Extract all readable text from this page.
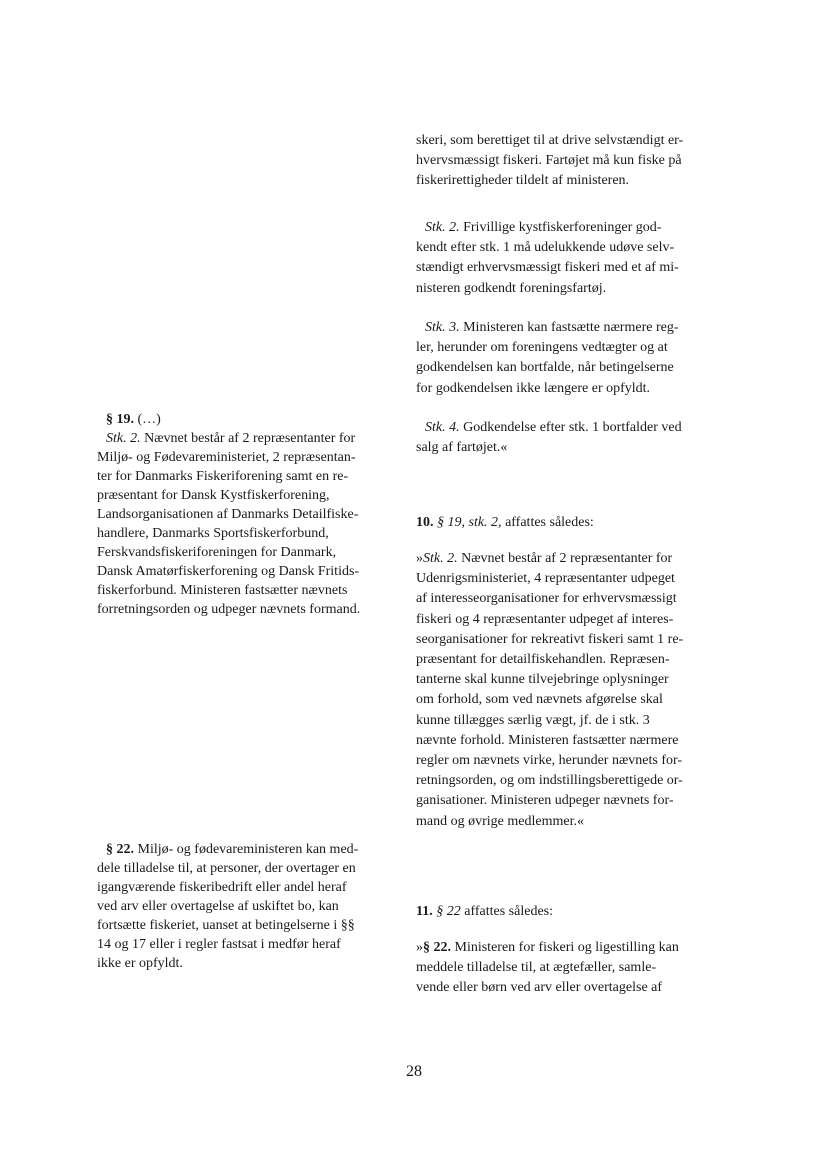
§ 19. (…)
Stk. 2. Nævnet består af 2 repræsentanter for
Miljø- og Fødevareministeriet, 2 repræsentan-
ter for Danmarks Fiskeriforening samt en re-
præsentant for Dansk Kystfiskerforening,
Landsorganisationen af Danmarks Detailfiske-
handlere, Danmarks Sportsfiskerforbund,
Ferskvandsfiskeriforeningen for Danmark,
Dansk Amatørfiskerforening og Dansk Fritids-
fiskerforbund. Ministeren fastsætter nævnets
forretningsorden og udpeger nævnets formand.
§ 22. Miljø- og fødevareministeren kan med-
dele tilladelse til, at personer, der overtager en
igangværende fiskeribedrift eller andel heraf
ved arv eller overtagelse af uskiftet bo, kan
fortsætte fiskeriet, uanset at betingelserne i §§
14 og 17 eller i regler fastsat i medfør heraf
ikke er opfyldt.
skeri, som berettiget til at drive selvstændigt er-
hvervsmæssigt fiskeri. Fartøjet må kun fiske på
fiskerirettigheder tildelt af ministeren.
Stk. 2. Frivillige kystfiskerforeninger god-
kendt efter stk. 1 må udelukkende udøve selv-
stændigt erhvervsmæssigt fiskeri med et af mi-
nisteren godkendt foreningsfartøj.
Stk. 3. Ministeren kan fastsætte nærmere reg-
ler, herunder om foreningens vedtægter og at
godkendelsen kan bortfalde, når betingelserne
for godkendelsen ikke længere er opfyldt.
Stk. 4. Godkendelse efter stk. 1 bortfalder ved
salg af fartøjet.«
10. § 19, stk. 2, affattes således:
»Stk. 2. Nævnet består af 2 repræsentanter for
Udenrigsministeriet, 4 repræsentanter udpeget
af interesseorganisationer for erhvervsmæssigt
fiskeri og 4 repræsentanter udpeget af interes-
seorganisationer for rekreativt fiskeri samt 1 re-
præsentant for detailfiskehandlen. Repræsen-
tanterne skal kunne tilvejebringe oplysninger
om forhold, som ved nævnets afgørelse skal
kunne tillægges særlig vægt, jf. de i stk. 3
nævnte forhold. Ministeren fastsætter nærmere
regler om nævnets virke, herunder nævnets for-
retningsorden, og om indstillingsberettigede or-
ganisationer. Ministeren udpeger nævnets for-
mand og øvrige medlemmer.«
11. § 22 affattes således:
»§ 22. Ministeren for fiskeri og ligestilling kan
meddele tilladelse til, at ægtefæller, samle-
vende eller børn ved arv eller overtagelse af
28
